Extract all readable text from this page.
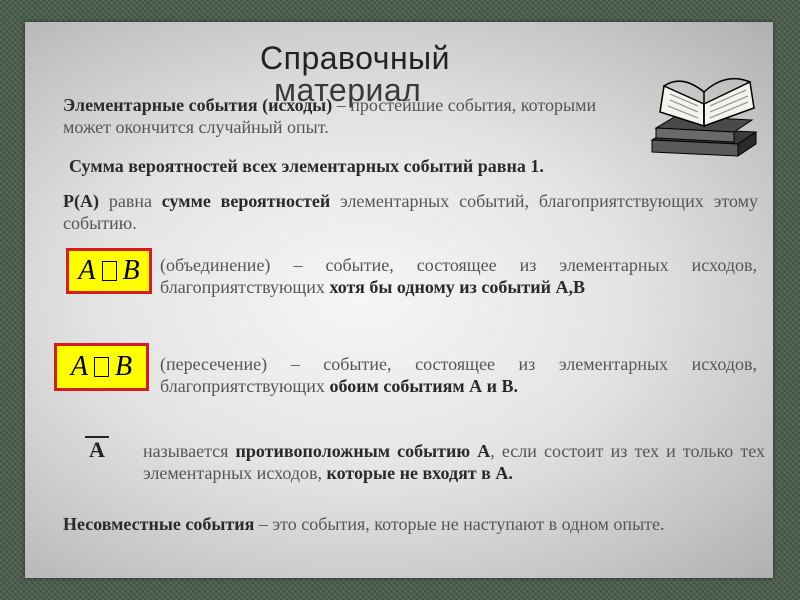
Справочный
материал
Элементарные события (исходы) – простейшие события, которыми может окончится случайный опыт.
Сумма вероятностей всех элементарных событий равна 1.
Р(А) равна сумме вероятностей элементарных событий, благоприятствующих этому событию.
A B (объединение) – событие, состоящее из элементарных исходов, благоприятствующих хотя бы одному из событий А,В
A B (пересечение) – событие, состоящее из элементарных исходов, благоприятствующих обоим событиям А и В.
A называется противоположным событию А, если состоит из тех и только тех элементарных исходов, которые не входят в А.
Несовместные события – это события, которые не наступают в одном опыте.
